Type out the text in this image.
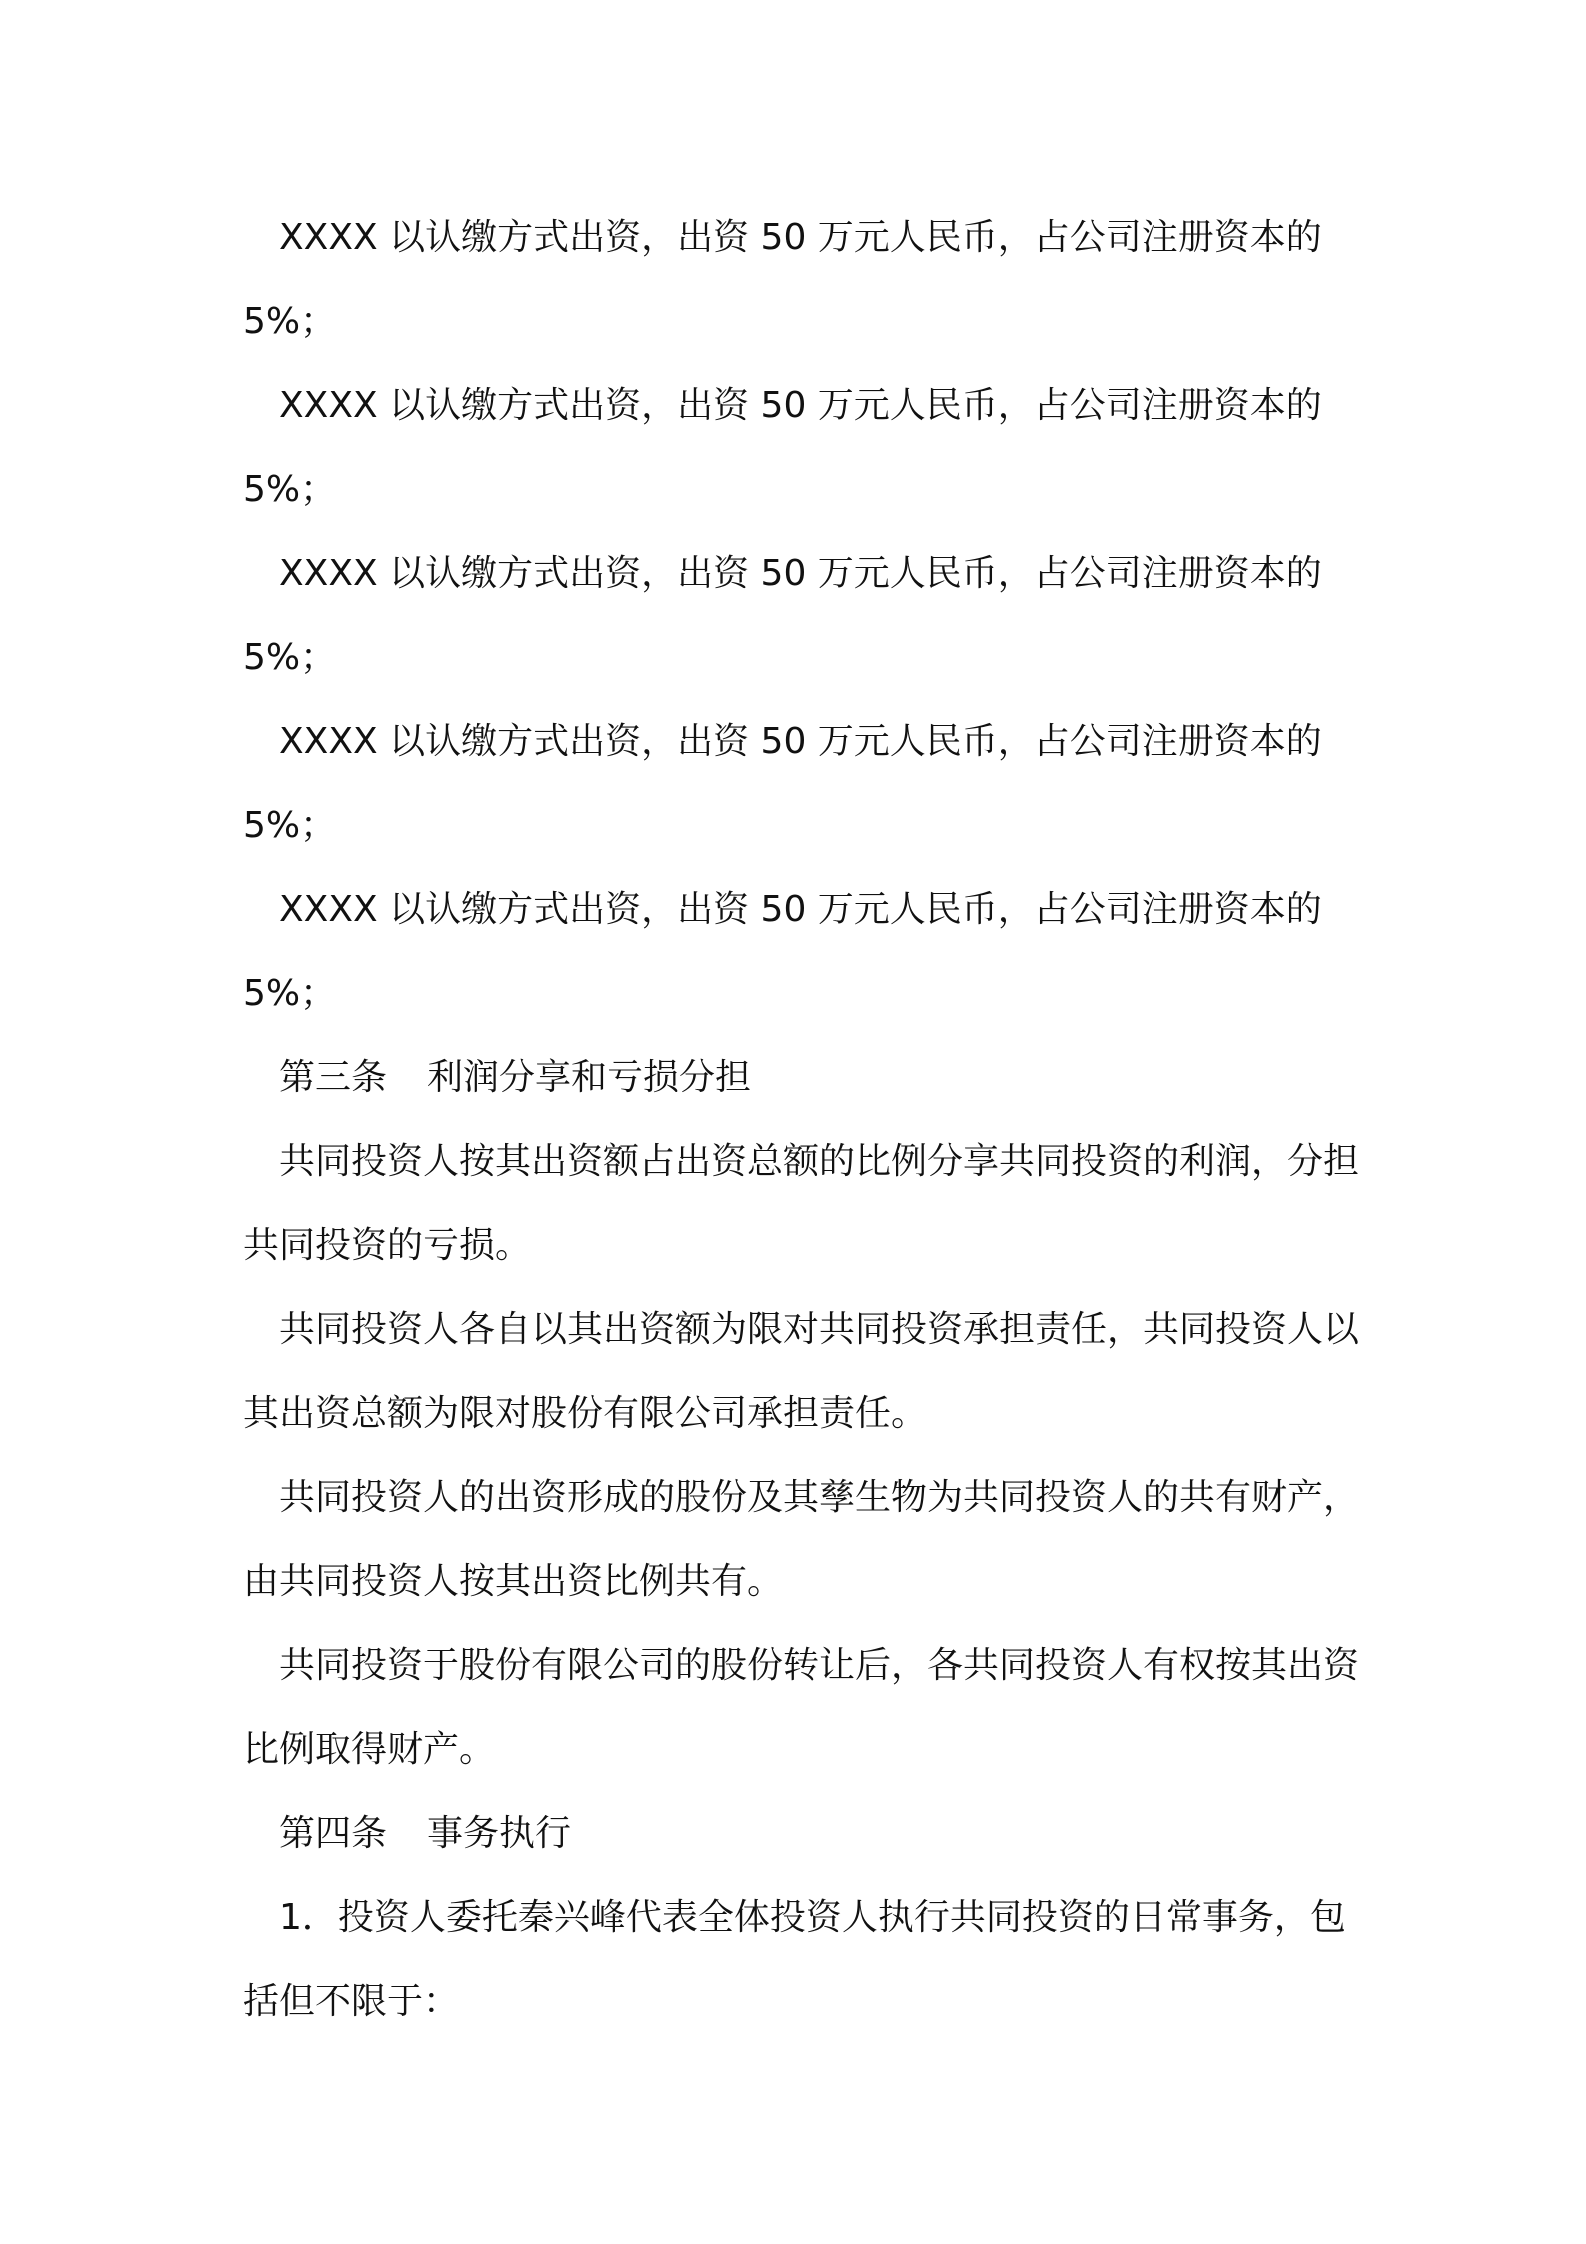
XXXX 以认缴方式出资，出资 50 万元人民币，占公司注册资本的5%；

XXXX 以认缴方式出资，出资 50 万元人民币，占公司注册资本的5%；

XXXX 以认缴方式出资，出资 50 万元人民币，占公司注册资本的5%；

XXXX 以认缴方式出资，出资 50 万元人民币，占公司注册资本的5%；

XXXX 以认缴方式出资，出资 50 万元人民币，占公司注册资本的5%；

第三条 利润分享和亏损分担

共同投资人按其出资额占出资总额的比例分享共同投资的利润，分担共同投资的亏损。

共同投资人各自以其出资额为限对共同投资承担责任，共同投资人以其出资总额为限对股份有限公司承担责任。

共同投资人的出资形成的股份及其孳生物为共同投资人的共有财产，由共同投资人按其出资比例共有。

共同投资于股份有限公司的股份转让后，各共同投资人有权按其出资比例取得财产。

第四条 事务执行

1．投资人委托秦兴峰代表全体投资人执行共同投资的日常事务，包括但不限于：
